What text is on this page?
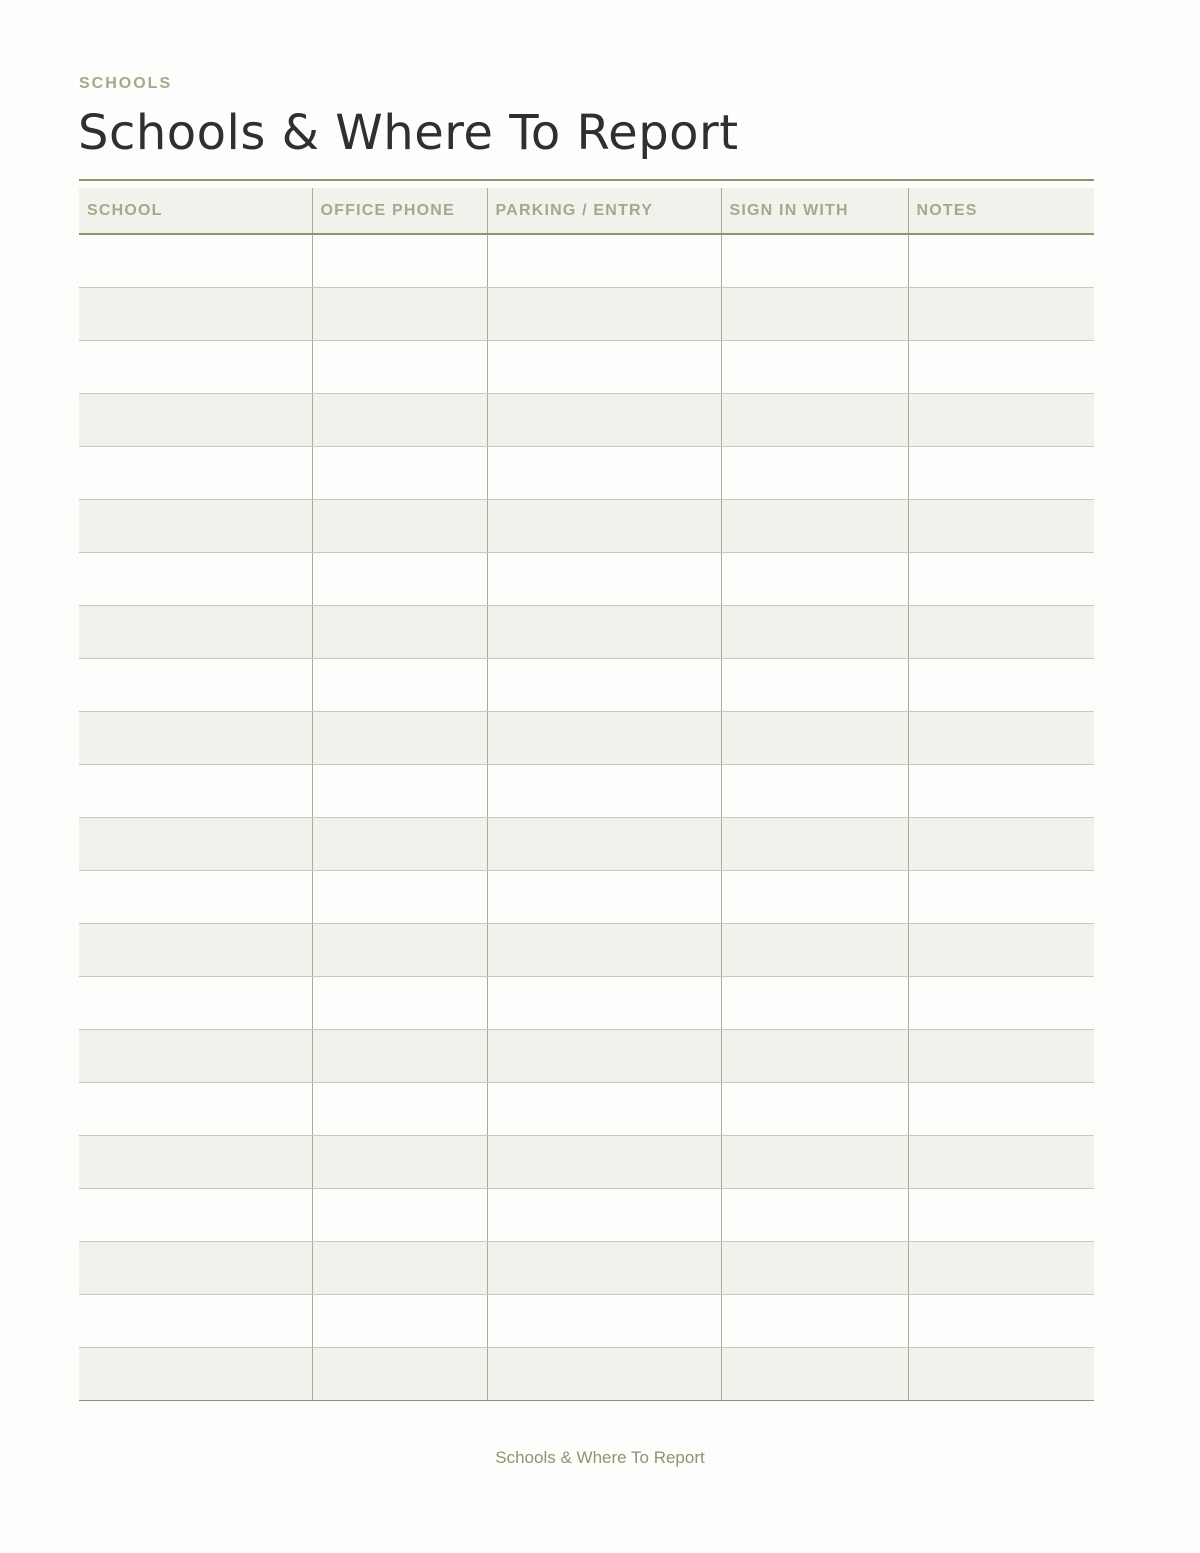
SCHOOLS

Schools & Where To Report
SCHOOL	OFFICE PHONE	PARKING / ENTRY	SIGN IN WITH	NOTES

Schools & Where To Report
